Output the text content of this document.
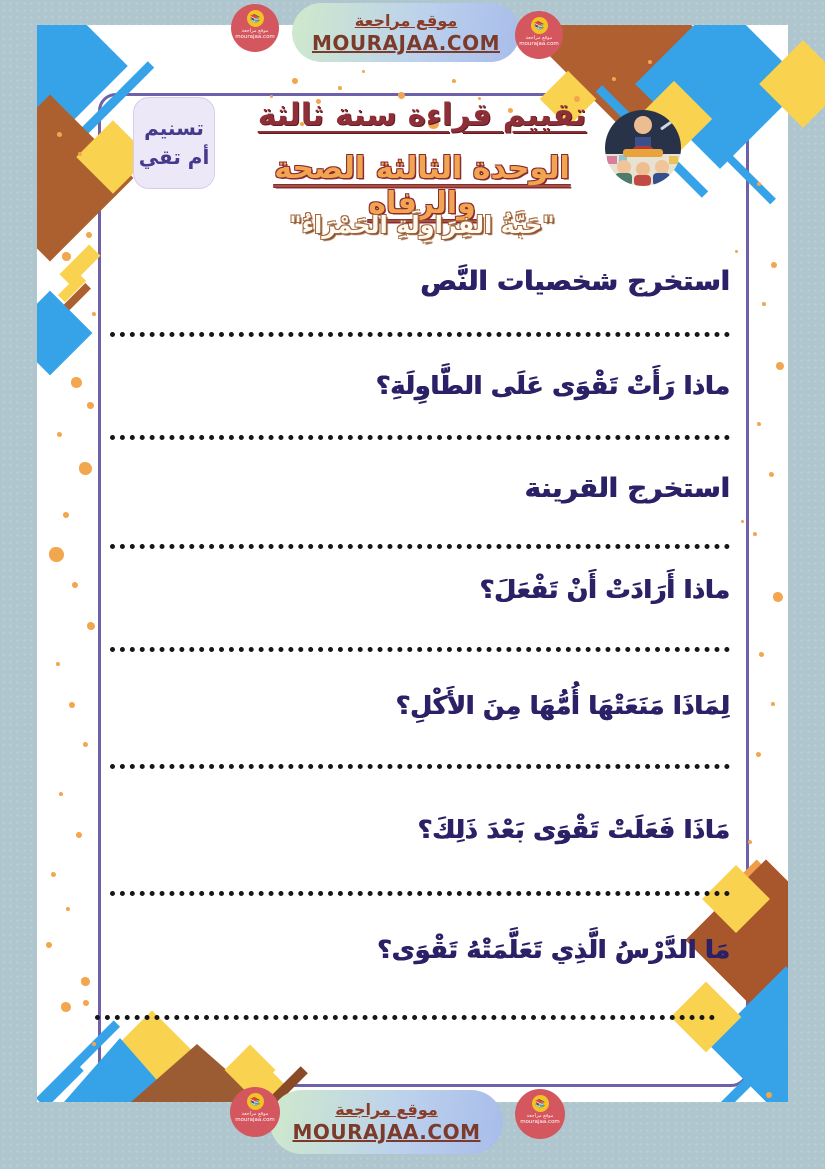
تسنيم
أم تقي
تقييم قراءة سنة ثالثة
الوحدة الثالثة الصحة والرفاه
"حَبَّةُ الفِرَاوِلَةِ الحَمْرَاءُ"
استخرج شخصيات النَّص
ماذا رَأَتْ تَقْوَى عَلَى الطَّاوِلَةِ؟
استخرج القرينة
ماذا أَرَادَتْ أَنْ تَفْعَلَ؟
لِمَاذَا مَنَعَتْهَا أُمُّهَا مِنَ الأَكْلِ؟
مَاذَا فَعَلَتْ تَقْوَى بَعْدَ ذَلِكَ؟
مَا الدَّرْسُ الَّذِي تَعَلَّمَتْهُ تَقْوَى؟
موقع مراجعة
MOURAJAA.COM
📚
موقع مراجعة
mourajaa.com
📚
موقع مراجعة
mourajaa.com
موقع مراجعة
MOURAJAA.COM
📚
موقع مراجعة
mourajaa.com
📚
موقع مراجعة
mourajaa.com
